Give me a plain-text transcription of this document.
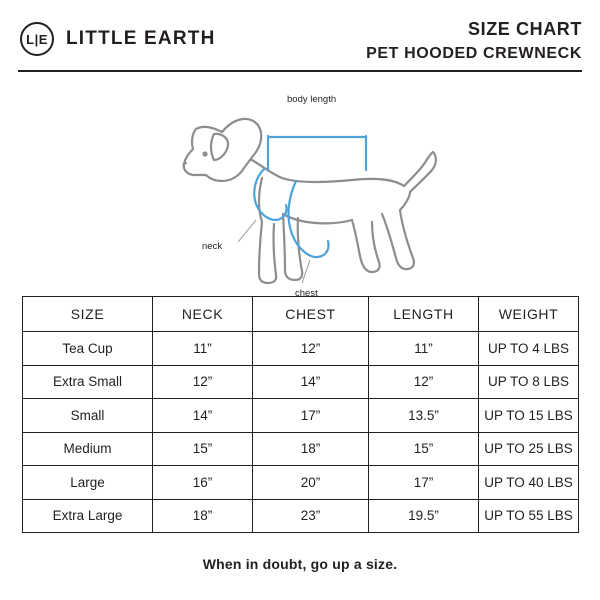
L|E LITTLE EARTH	SIZE CHART
PET HOODED CREWNECK
body length
neck
chest
SIZE	NECK	CHEST	LENGTH	WEIGHT
Tea Cup	11”	12”	11”	UP TO 4 LBS
Extra Small	12”	14”	12”	UP TO 8 LBS
Small	14”	17”	13.5”	UP TO 15 LBS
Medium	15”	18”	15”	UP TO 25 LBS
Large	16”	20”	17”	UP TO 40 LBS
Extra Large	18”	23”	19.5”	UP TO 55 LBS
When in doubt, go up a size.
